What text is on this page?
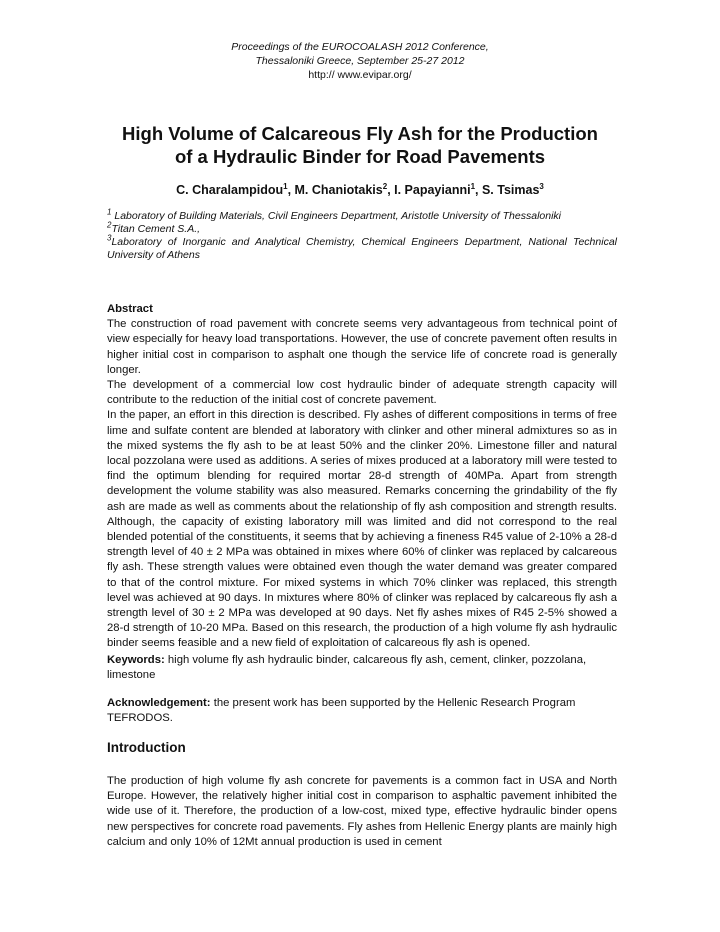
Proceedings of the EUROCOALASH 2012 Conference,
Thessaloniki Greece, September 25-27 2012
http:// www.evipar.org/
High Volume of Calcareous Fly Ash for the Production
of a Hydraulic Binder for Road Pavements
C. Charalampidou$^1$, M. Chaniotakis$^2$, I. Papayianni$^1$, S. Tsimas$^3$
$^1$ Laboratory of Building Materials, Civil Engineers Department, Aristotle University of Thessaloniki
$^2$Titan Cement S.A.,
$^3$Laboratory of Inorganic and Analytical Chemistry, Chemical Engineers Department, National Technical University of Athens
Abstract

The construction of road pavement with concrete seems very advantageous from technical point of view especially for heavy load transportations. However, the use of concrete pavement often results in higher initial cost in comparison to asphalt one though the service life of concrete road is generally longer.

The development of a commercial low cost hydraulic binder of adequate strength capacity will contribute to the reduction of the initial cost of concrete pavement.

In the paper, an effort in this direction is described. Fly ashes of different compositions in terms of free lime and sulfate content are blended at laboratory with clinker and other mineral admixtures so as in the mixed systems the fly ash to be at least 50% and the clinker 20%. Limestone filler and natural local pozzolana were used as additions. A series of mixes produced at a laboratory mill were tested to find the optimum blending for required mortar 28-d strength of 40MPa. Apart from strength development the volume stability was also measured. Remarks concerning the grindability of the fly ash are made as well as comments about the relationship of fly ash composition and strength results. Although, the capacity of existing laboratory mill was limited and did not correspond to the real blended potential of the constituents, it seems that by achieving a fineness R45 value of 2-10% a 28-d strength level of 40 ± 2 MPa was obtained in mixes where 60% of clinker was replaced by calcareous fly ash. These strength values were obtained even though the water demand was greater compared to that of the control mixture. For mixed systems in which 70% clinker was replaced, this strength level was achieved at 90 days. In mixtures where 80% of clinker was replaced by calcareous fly ash a strength level of 30 ± 2 MPa was developed at 90 days. Net fly ashes mixes of R45 2-5% showed a 28-d strength of 10-20 MPa. Based on this research, the production of a high volume fly ash hydraulic binder seems feasible and a new field of exploitation of calcareous fly ash is opened.

Keywords: high volume fly ash hydraulic binder, calcareous fly ash, cement, clinker, pozzolana, limestone
Acknowledgement: the present work has been supported by the Hellenic Research Program TEFRODOS.
Introduction

The production of high volume fly ash concrete for pavements is a common fact in USA and North Europe. However, the relatively higher initial cost in comparison to asphaltic pavement inhibited the wide use of it. Therefore, the production of a low-cost, mixed type, effective hydraulic binder opens new perspectives for concrete road pavements. Fly ashes from Hellenic Energy plants are mainly high calcium and only 10% of 12Mt annual production is used in cement
